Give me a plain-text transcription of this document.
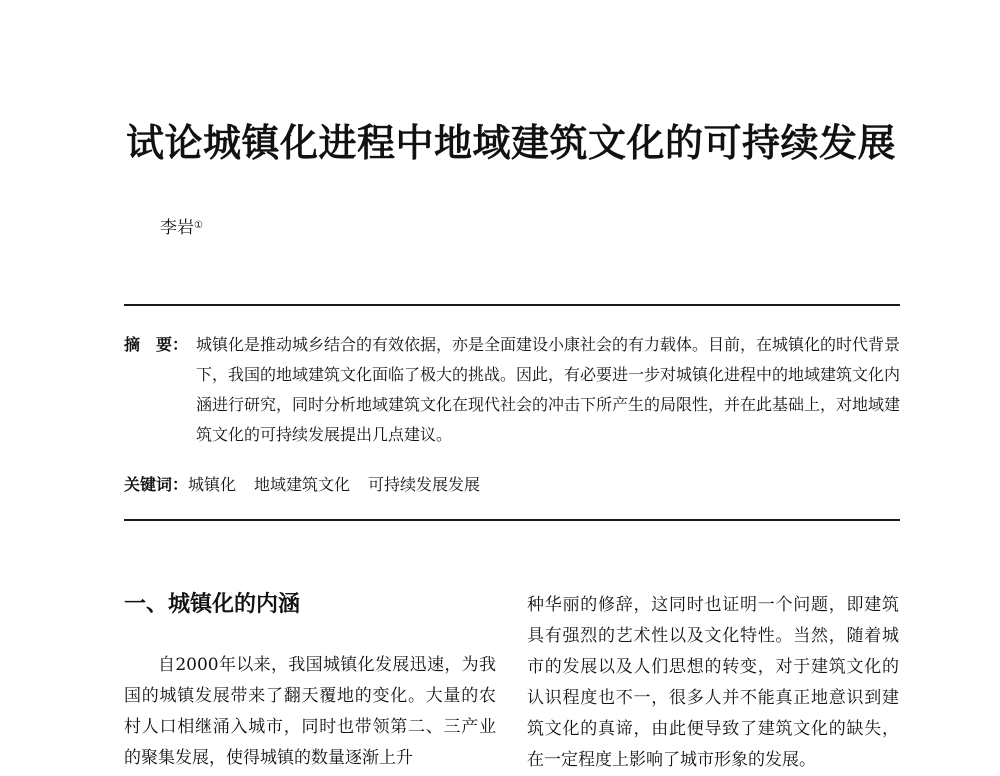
试论城镇化进程中地域建筑文化的可持续发展
李岩①
摘　要： 城镇化是推动城乡结合的有效依据，亦是全面建设小康社会的有力载体。目前，在城镇化的时代背景下，我国的地域建筑文化面临了极大的挑战。因此，有必要进一步对城镇化进程中的地域建筑文化内涵进行研究，同时分析地域建筑文化在现代社会的冲击下所产生的局限性，并在此基础上，对地域建筑文化的可持续发展提出几点建议。
关键词：城镇化 地域建筑文化 可持续发展发展
一、城镇化的内涵

自2000年以来，我国城镇化发展迅速，为我国的城镇发展带来了翻天覆地的变化。大量的农村人口相继涌入城市，同时也带领第二、三产业的聚集发展，使得城镇的数量逐渐上升

种华丽的修辞，这同时也证明一个问题，即建筑具有强烈的艺术性以及文化特性。当然，随着城市的发展以及人们思想的转变，对于建筑文化的认识程度也不一，很多人并不能真正地意识到建筑文化的真谛，由此便导致了建筑文化的缺失，在一定程度上影响了城市形象的发展。
